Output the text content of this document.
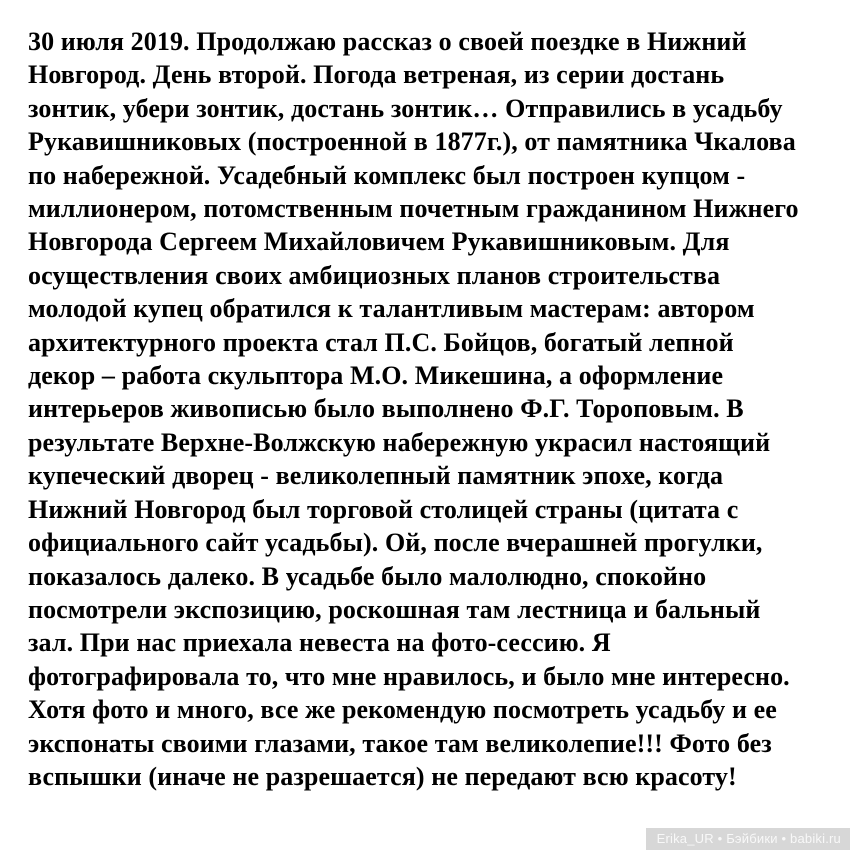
30 июля 2019. Продолжаю рассказ о своей поездке в Нижний
Новгород. День второй. Погода ветреная, из серии достань
зонтик, убери зонтик, достань зонтик… Отправились в усадьбу
Рукавишниковых (построенной в 1877г.), от памятника Чкалова
по набережной. Усадебный комплекс был построен купцом -
миллионером, потомственным почетным гражданином Нижнего
Новгорода Сергеем Михайловичем Рукавишниковым. Для
осуществления своих амбициозных планов строительства
молодой купец обратился к талантливым мастерам: автором
архитектурного проекта стал П.С. Бойцов, богатый лепной
декор – работа скульптора М.О. Микешина, а оформление
интерьеров живописью было выполнено Ф.Г. Тороповым. В
результате Верхне-Волжскую набережную украсил настоящий
купеческий дворец - великолепный памятник эпохе, когда
Нижний Новгород был торговой столицей страны (цитата с
официального сайт усадьбы). Ой, после вчерашней прогулки,
показалось далеко. В усадьбе было малолюдно, спокойно
посмотрели экспозицию, роскошная там лестница и бальный
зал. При нас приехала невеста на фото-сессию. Я
фотографировала то, что мне нравилось, и было мне интересно.
Хотя фото и много, все же рекомендую посмотреть усадьбу и ее
экспонаты своими глазами, такое там великолепие!!! Фото без
вспышки (иначе не разрешается) не передают всю красоту!
Erika_UR • Бэйбики • babiki.ru
